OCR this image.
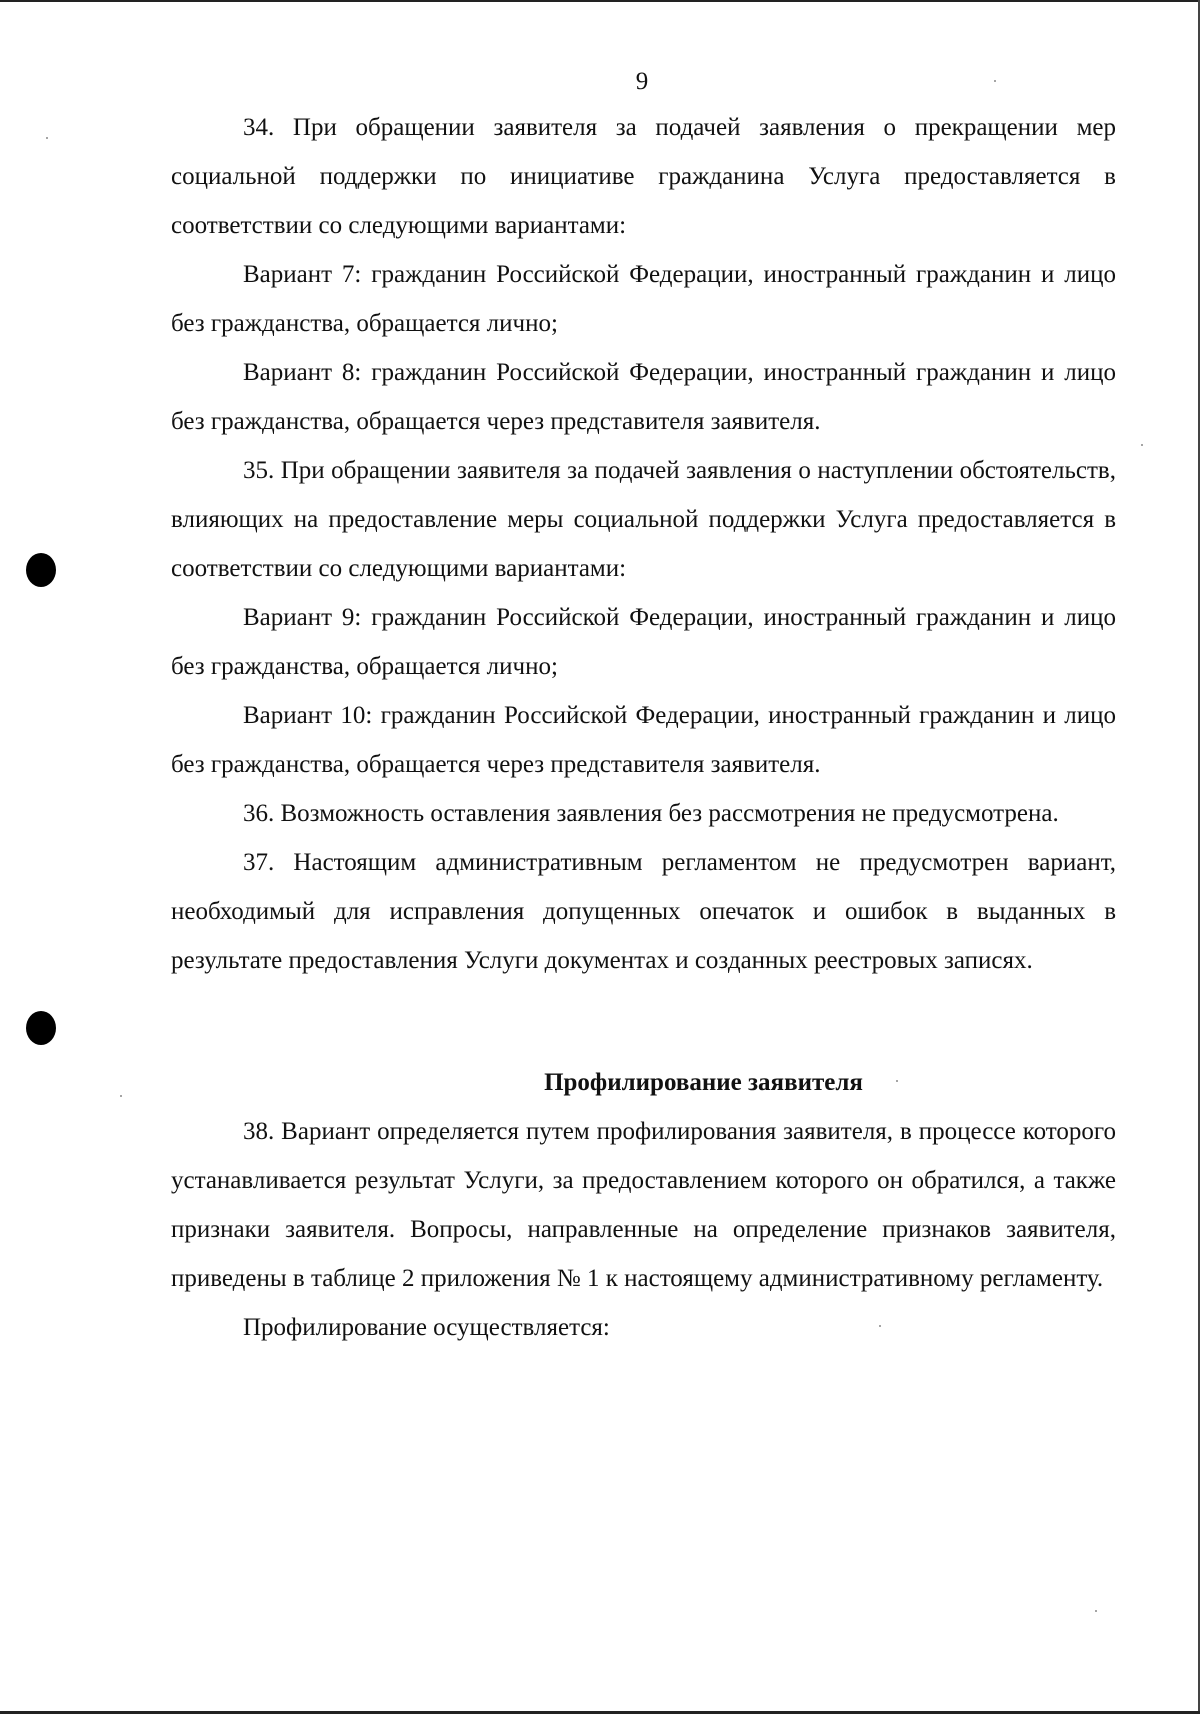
9

34. При обращении заявителя за подачей заявления о прекращении мер социальной поддержки по инициативе гражданина Услуга предоставляется в соответствии со следующими вариантами:

Вариант 7: гражданин Российской Федерации, иностранный гражданин и лицо без гражданства, обращается лично;

Вариант 8: гражданин Российской Федерации, иностранный гражданин и лицо без гражданства, обращается через представителя заявителя.

35. При обращении заявителя за подачей заявления о наступлении обстоятельств, влияющих на предоставление меры социальной поддержки Услуга предоставляется в соответствии со следующими вариантами:

Вариант 9: гражданин Российской Федерации, иностранный гражданин и лицо без гражданства, обращается лично;

Вариант 10: гражданин Российской Федерации, иностранный гражданин и лицо без гражданства, обращается через представителя заявителя.

36. Возможность оставления заявления без рассмотрения не предусмотрена.

37. Настоящим административным регламентом не предусмотрен вариант, необходимый для исправления допущенных опечаток и ошибок в выданных в результате предоставления Услуги документах и созданных реестровых записях.

Профилирование заявителя

38. Вариант определяется путем профилирования заявителя, в процессе которого устанавливается результат Услуги, за предоставлением которого он обратился, а также признаки заявителя. Вопросы, направленные на определение признаков заявителя, приведены в таблице 2 приложения № 1 к настоящему административному регламенту.

Профилирование осуществляется:
